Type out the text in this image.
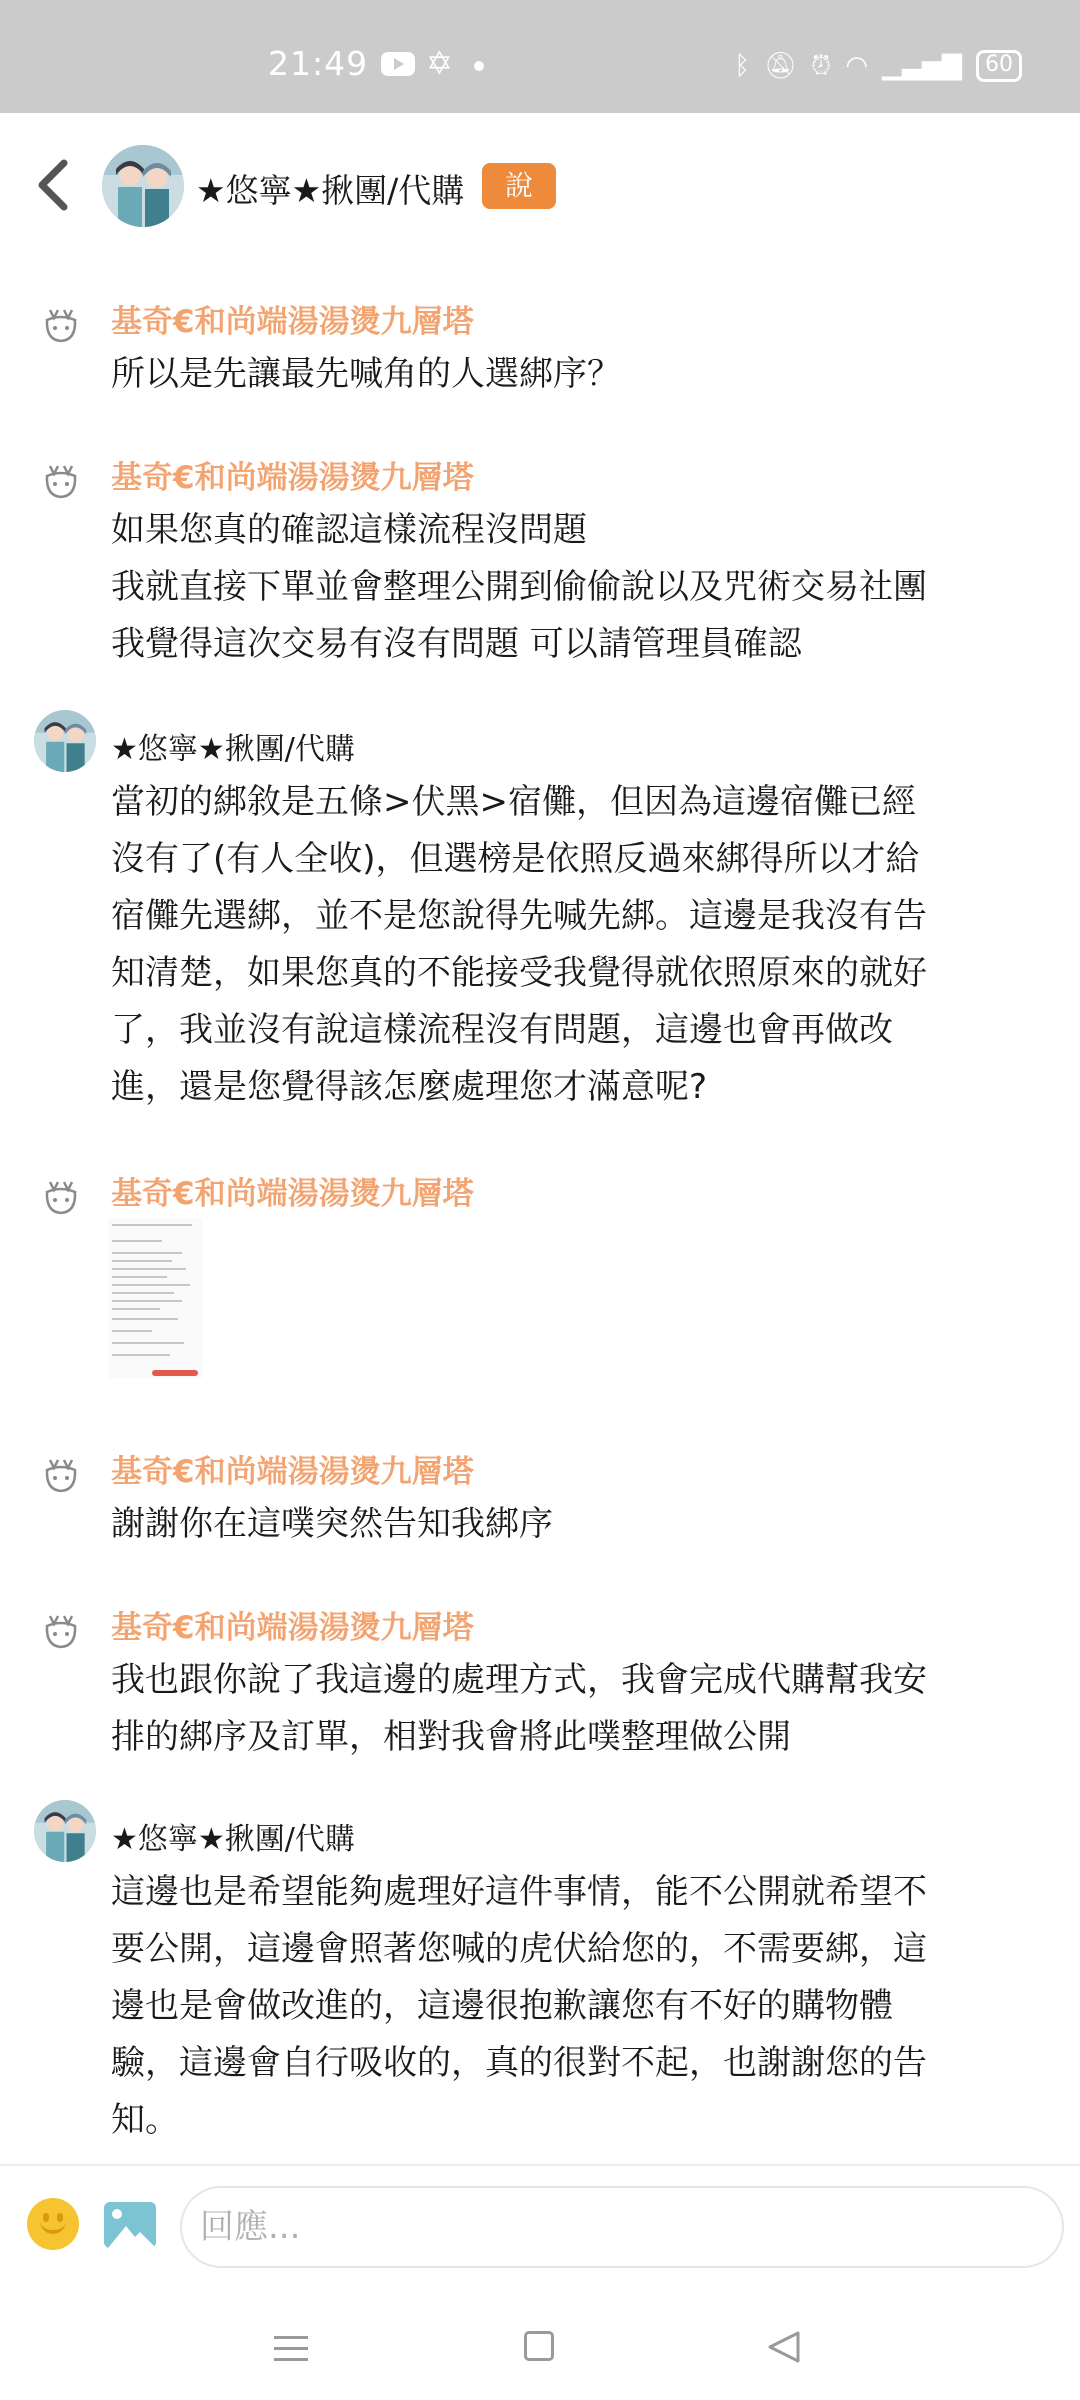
21:49 ✡	ᛒ 🔕︎ ⏰︎ ◠ ▁▃▅▇	60
★悠寧★揪團/代購	說
基奇€和尚端湯湯燙九層塔
所以是先讓最先喊角的人選綁序？
基奇€和尚端湯湯燙九層塔
如果您真的確認這樣流程沒問題
我就直接下單並會整理公開到偷偷說以及咒術交易社團
我覺得這次交易有沒有問題 可以請管理員確認
★悠寧★揪團/代購
當初的綁敘是五條>伏黑>宿儺，但因為這邊宿儺已經
沒有了(有人全收)，但選榜是依照反過來綁得所以才給
宿儺先選綁，並不是您說得先喊先綁。這邊是我沒有告
知清楚，如果您真的不能接受我覺得就依照原來的就好
了，我並沒有說這樣流程沒有問題，這邊也會再做改
進，還是您覺得該怎麼處理您才滿意呢?
基奇€和尚端湯湯燙九層塔
基奇€和尚端湯湯燙九層塔
謝謝你在這噗突然告知我綁序
基奇€和尚端湯湯燙九層塔
我也跟你說了我這邊的處理方式，我會完成代購幫我安
排的綁序及訂單，相對我會將此噗整理做公開
★悠寧★揪團/代購
這邊也是希望能夠處理好這件事情，能不公開就希望不
要公開，這邊會照著您喊的虎伏給您的，不需要綁，這
邊也是會做改進的，這邊很抱歉讓您有不好的購物體
驗，這邊會自行吸收的，真的很對不起，也謝謝您的告
知。
回應...
